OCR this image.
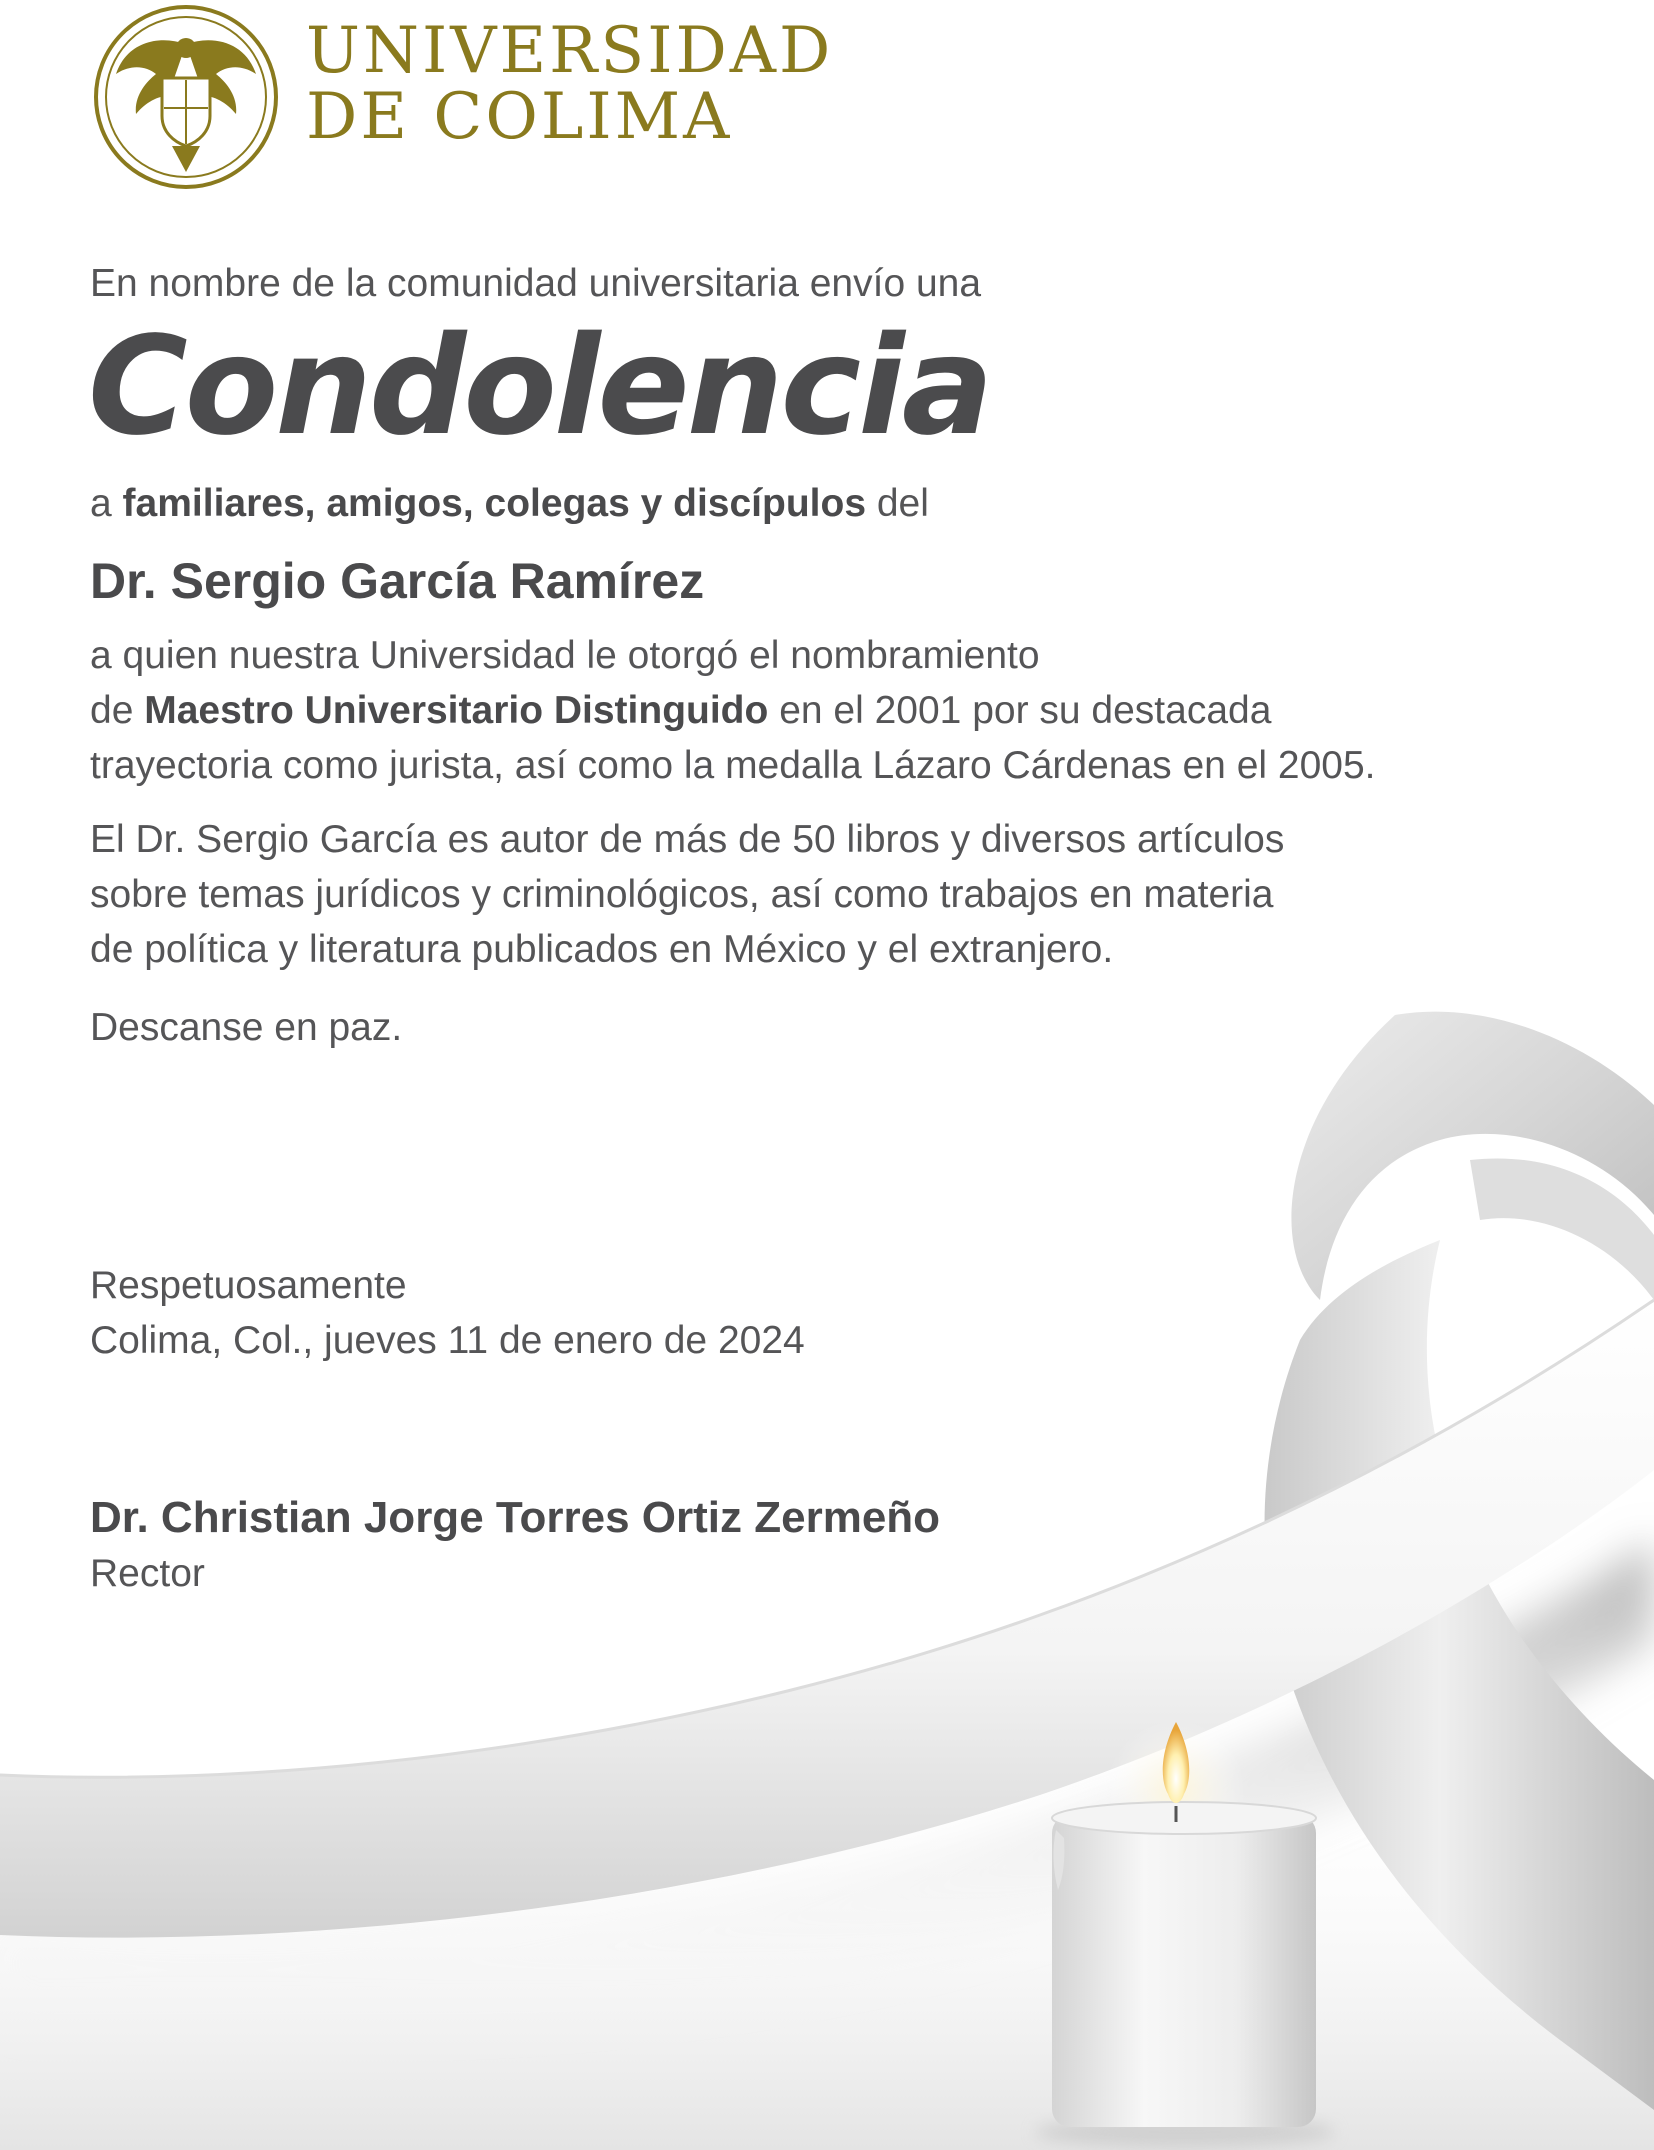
UNIVERSIDAD
DE COLIMA

En nombre de la comunidad universitaria envío una

Condolencia

a familiares, amigos, colegas y discípulos del

Dr. Sergio García Ramírez
a quien nuestra Universidad le otorgó el nombramiento
de Maestro Universitario Distinguido en el 2001 por su destacada
trayectoria como jurista, así como la medalla Lázaro Cárdenas en el 2005.
El Dr. Sergio García es autor de más de 50 libros y diversos artículos
sobre temas jurídicos y criminológicos, así como trabajos en materia
de política y literatura publicados en México y el extranjero.

Descanse en paz.

Respetuosamente
Colima, Col., jueves 11 de enero de 2024

Dr. Christian Jorge Torres Ortiz Zermeño

Rector
